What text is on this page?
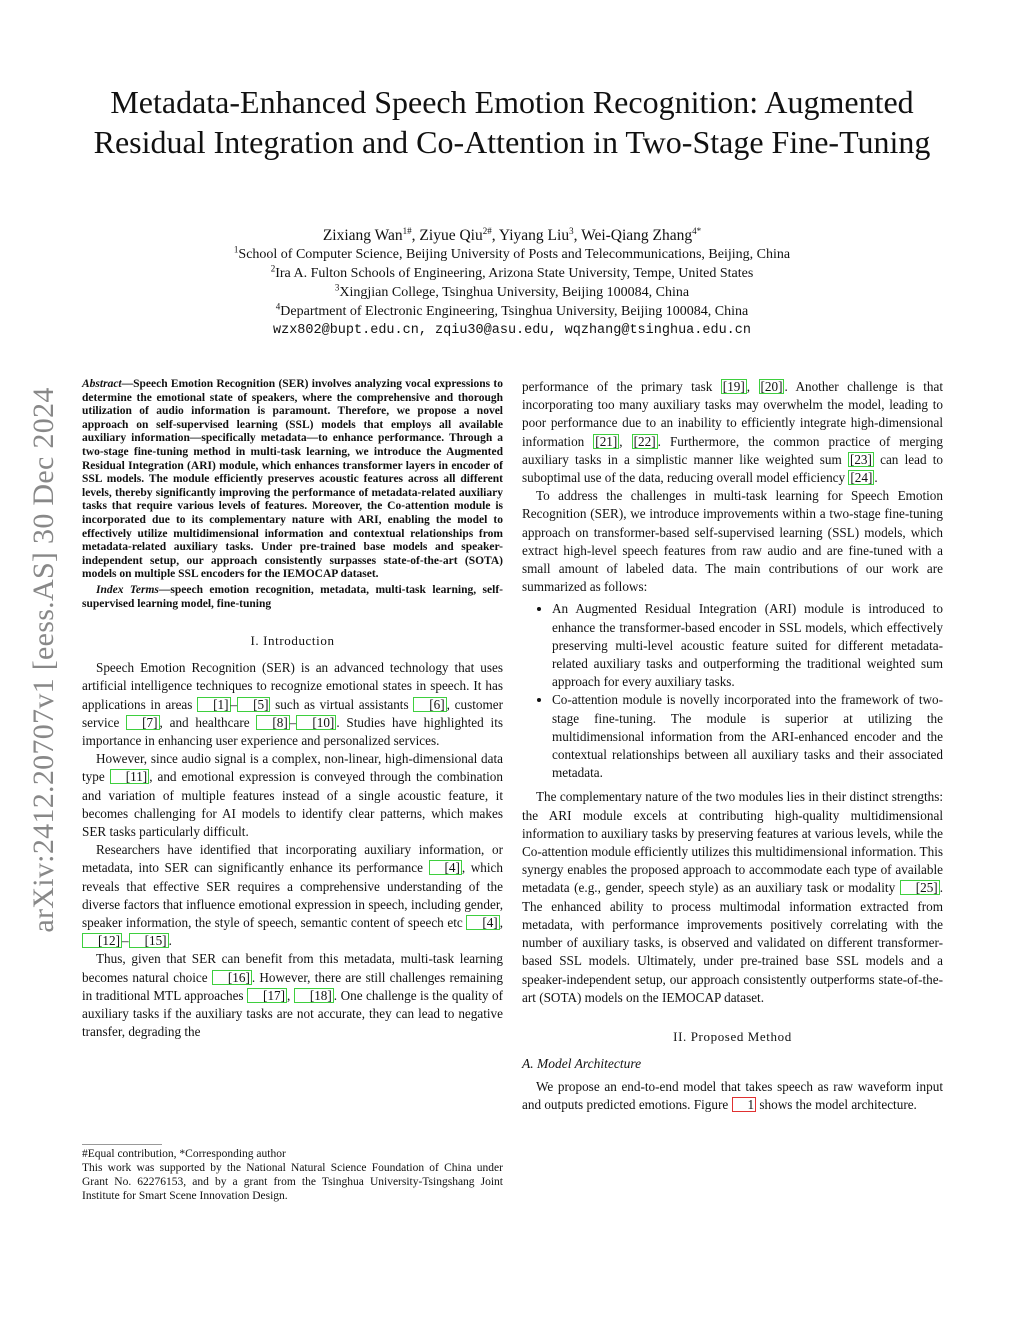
arXiv:2412.20707v1 [eess.AS] 30 Dec 2024
Metadata-Enhanced Speech Emotion Recognition: Augmented Residual Integration and Co-Attention in Two-Stage Fine-Tuning
Zixiang Wan$^{1\#}$, Ziyue Qiu$^{2\#}$, Yiyang Liu$^3$, Wei-Qiang Zhang$^{4*}$
$^1$School of Computer Science, Beijing University of Posts and Telecommunications, Beijing, China
$^2$Ira A. Fulton Schools of Engineering, Arizona State University, Tempe, United States
$^3$Xingjian College, Tsinghua University, Beijing 100084, China
$^4$Department of Electronic Engineering, Tsinghua University, Beijing 100084, China
wzx802@bupt.edu.cn, zqiu30@asu.edu, wqzhang@tsinghua.edu.cn

Abstract—Speech Emotion Recognition (SER) involves analyzing vocal expressions to determine the emotional state of speakers, where the comprehensive and thorough utilization of audio information is paramount. Therefore, we propose a novel approach on self-supervised learning (SSL) models that employs all available auxiliary information—specifically metadata—to enhance performance. Through a two-stage fine-tuning method in multi-task learning, we introduce the Augmented Residual Integration (ARI) module, which enhances transformer layers in encoder of SSL models. The module efficiently preserves acoustic features across all different levels, thereby significantly improving the performance of metadata-related auxiliary tasks that require various levels of features. Moreover, the Co-attention module is incorporated due to its complementary nature with ARI, enabling the model to effectively utilize multidimensional information and contextual relationships from metadata-related auxiliary tasks. Under pre-trained base models and speaker-independent setup, our approach consistently surpasses state-of-the-art (SOTA) models on multiple SSL encoders for the IEMOCAP dataset.

Index Terms—speech emotion recognition, metadata, multi-task learning, self-supervised learning model, fine-tuning

I. Introduction

Speech Emotion Recognition (SER) is an advanced technology that uses artificial intelligence techniques to recognize emotional states in speech. It has applications in areas [1] – [5] such as virtual assistants [6] , customer service [7] , and healthcare [8] – [10] . Studies have highlighted its importance in enhancing user experience and personalized services.

However, since audio signal is a complex, non-linear, high-dimensional data type [11] , and emotional expression is conveyed through the combination and variation of multiple features instead of a single acoustic feature, it becomes challenging for AI models to identify clear patterns, which makes SER tasks particularly difficult.

Researchers have identified that incorporating auxiliary information, or metadata, into SER can significantly enhance its performance [4] , which reveals that effective SER requires a comprehensive understanding of the diverse factors that influence emotional expression in speech, including gender, speaker information, the style of speech, semantic content of speech etc [4] , [12] – [15] .

Thus, given that SER can benefit from this metadata, multi-task learning becomes natural choice [16] . However, there are still challenges remaining in traditional MTL approaches [17] , [18] . One challenge is the quality of auxiliary tasks if the auxiliary tasks are not accurate, they can lead to negative transfer, degrading the

performance of the primary task [19] , [20] . Another challenge is that incorporating too many auxiliary tasks may overwhelm the model, leading to poor performance due to an inability to efficiently integrate high-dimensional information [21] , [22] . Furthermore, the common practice of merging auxiliary tasks in a simplistic manner like weighted sum [23] can lead to suboptimal use of the data, reducing overall model efficiency [24] .

To address the challenges in multi-task learning for Speech Emotion Recognition (SER), we introduce improvements within a two-stage fine-tuning approach on transformer-based self-supervised learning (SSL) models, which extract high-level speech features from raw audio and are fine-tuned with a small amount of labeled data. The main contributions of our work are summarized as follows:

• An Augmented Residual Integration (ARI) module is introduced to enhance the transformer-based encoder in SSL models, which effectively preserving multi-level acoustic feature suited for different metadata-related auxiliary tasks and outperforming the traditional weighted sum approach for every auxiliary tasks.
• Co-attention module is novelly incorporated into the framework of two-stage fine-tuning. The module is superior at utilizing the multidimensional information from the ARI-enhanced encoder and the contextual relationships between all auxiliary tasks and their associated metadata.

The complementary nature of the two modules lies in their distinct strengths: the ARI module excels at contributing high-quality multidimensional information to auxiliary tasks by preserving features at various levels, while the Co-attention module efficiently utilizes this multidimensional information. This synergy enables the proposed approach to accommodate each type of available metadata (e.g., gender, speech style) as an auxiliary task or modality [25] . The enhanced ability to process multimodal information extracted from metadata, with performance improvements positively correlating with the number of auxiliary tasks, is observed and validated on different transformer-based SSL models. Ultimately, under pre-trained base SSL models and a speaker-independent setup, our approach consistently outperforms state-of-the-art (SOTA) models on the IEMOCAP dataset.

II. Proposed Method
A. Model Architecture

We propose an end-to-end model that takes speech as raw waveform input and outputs predicted emotions. Figure 1 shows the model architecture.

#Equal contribution, *Corresponding author
This work was supported by the National Natural Science Foundation of China under Grant No. 62276153, and by a grant from the Tsinghua University-Tsingshang Joint Institute for Smart Scene Innovation Design.
